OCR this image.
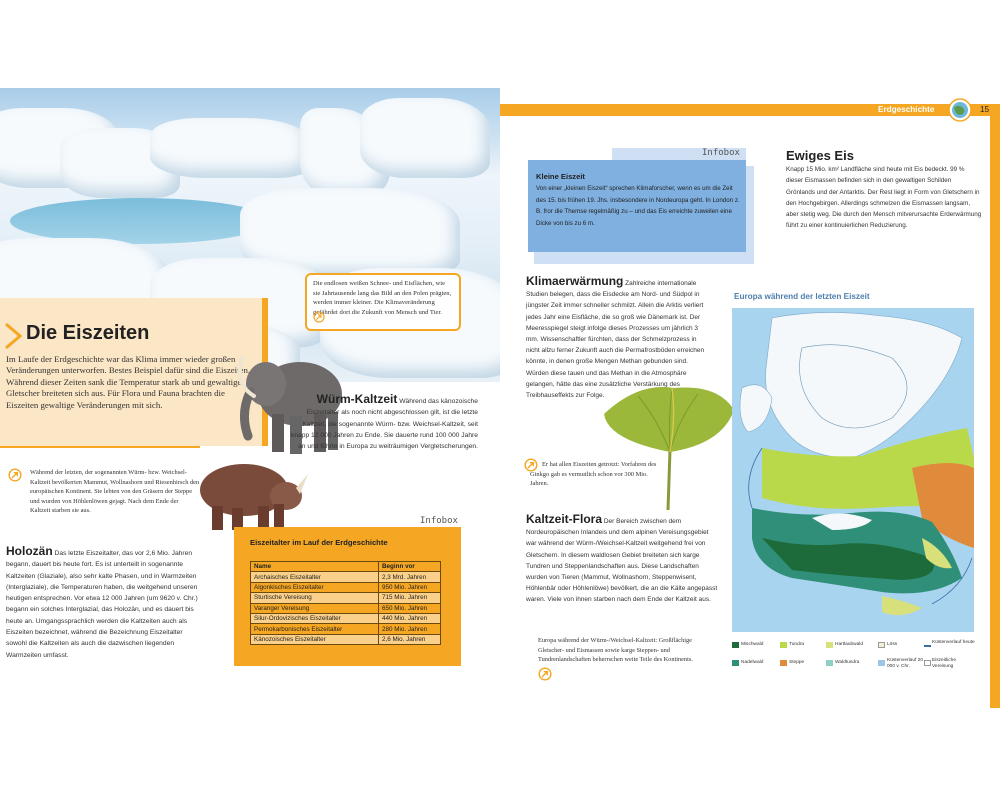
Die endlosen weißen Schnee- und Eisflächen, wie sie Jahrtausende lang das Bild an den Polen prägten, werden immer kleiner. Die Klimaveränderung gefährdet dort die Zukunft von Mensch und Tier.
Die Eiszeiten
Im Laufe der Erdgeschichte war das Klima immer wieder großen Veränderungen unterworfen. Bestes Beispiel dafür sind die Eiszeiten. Während dieser Zeiten sank die Temperatur stark ab und gewaltige Gletscher breiteten sich aus. Für Flora und Fauna brachten die Eiszeiten gewaltige Veränderungen mit sich.
Während der letzten, der sogenannten Würm- bzw. Weichsel-Kaltzeit bevölkerten Mammut, Wollnashorn und Riesenhirsch den europäischen Kontinent. Sie lebten von den Gräsern der Steppe und wurden von Höhlenlöwen gejagt. Nach dem Ende der Kaltzeit starben sie aus.
Holozän Das letzte Eiszeitalter, das vor 2,6 Mio. Jahren begann, dauert bis heute fort. Es ist unterteilt in sogenannte Kaltzeiten (Glaziale), also sehr kalte Phasen, und in Warmzeiten (Interglaziale), die Temperaturen haben, die weitgehend unseren heutigen entsprechen. Vor etwa 12 000 Jahren (um 9620 v. Chr.) begann ein solches Interglazial, das Holozän, und es dauert bis heute an. Umgangssprachlich werden die Kaltzeiten auch als Eiszeiten bezeichnet, während die Bezeichnung Eiszeitalter sowohl die Kaltzeiten als auch die dazwischen liegenden Warmzeiten umfasst.
Würm-Kaltzeit Während das känozoische Eiszeitalter als noch nicht abgeschlossen gilt, ist die letzte Kaltzeit, die sogenannte Würm- bzw. Weichsel-Kaltzeit, seit knapp 12 000 Jahren zu Ende. Sie dauerte rund 100 000 Jahre an und führte in Europa zu weiträumigen Vergletscherungen.
Infobox
Eiszeitalter im Lauf der Erdgeschichte
Name	Beginn vor
Archaisches Eiszeitalter	2,3 Mrd. Jahren
Algonkisches Eiszeitalter	950 Mio. Jahren
Sturtische Vereisung	715 Mio. Jahren
Varanger Vereisung	650 Mio. Jahren
Silur-Ordovizisches Eiszeitalter	440 Mio. Jahren
Permokarbonisches Eiszeitalter	280 Mio. Jahren
Känozoisches Eiszeitalter	2,6 Mio. Jahren
Erdgeschichte	15
Infobox
Kleine Eiszeit
Von einer „kleinen Eiszeit“ sprechen Klimaforscher, wenn es um die Zeit des 15. bis frühen 19. Jhs. insbesondere in Nordeuropa geht. In London z. B. fror die Themse regelmäßig zu – und das Eis erreichte zuweilen eine Dicke von bis zu 6 m.
Ewiges Eis
Knapp 15 Mio. km² Landfläche sind heute mit Eis bedeckt. 99 % dieser Eismassen befinden sich in den gewaltigen Schilden Grönlands und der Antarktis. Der Rest liegt in Form von Gletschern in den Hochgebirgen. Allerdings schmelzen die Eismassen langsam, aber stetig weg. Die durch den Mensch mitverursachte Erderwärmung führt zu einer kontinuierlichen Reduzierung.
Klimaerwärmung Zahlreiche internationale Studien belegen, dass die Eisdecke am Nord- und Südpol in jüngster Zeit immer schneller schmilzt. Allein die Arktis verliert jedes Jahr eine Eisfläche, die so groß wie Dänemark ist. Der Meeresspiegel steigt infolge dieses Prozesses um jährlich 3 mm. Wissenschaftler fürchten, dass der Schmelzprozess in nicht allzu ferner Zukunft auch die Permafrostböden erreichen könnte, in denen große Mengen Methan gebunden sind. Würden diese tauen und das Methan in die Atmosphäre gelangen, hätte das eine zusätzliche Verstärkung des Treibhauseffekts zur Folge.
Er hat allen Eiszeiten getrotzt: Vorfahren des Ginkgo gab es vermutlich schon vor 300 Mio. Jahren.
Kaltzeit-Flora Der Bereich zwischen dem Nordeuropäischen Inlandeis und dem alpinen Vereisungsgebiet war während der Würm-/Weichsel-Kaltzeit weitgehend frei von Gletschern. In diesem waldlosen Gebiet breiteten sich karge Tundren und Steppenlandschaften aus. Diese Landschaften wurden von Tieren (Mammut, Wollnashorn, Steppenwisent, Höhlenbär oder Höhlenlöwe) bevölkert, die an die Kälte angepasst waren. Viele von ihnen starben nach dem Ende der Kaltzeit aus.
Europa während der Würm-/Weichsel-Kaltzeit: Großflächige Gletscher- und Eismassen sowie karge Steppen- und Tundrenlandschaften beherrschen weite Teile des Kontinents.
Europa während der letzten Eiszeit
Mischwald	Tundra
Nadelwald	Steppe
Hartlaubwald
Waldtundra
Löss
Küstenverlauf 20 000 v. Chr.
Küstenverlauf heute
Eiszeitliche Vereisung
